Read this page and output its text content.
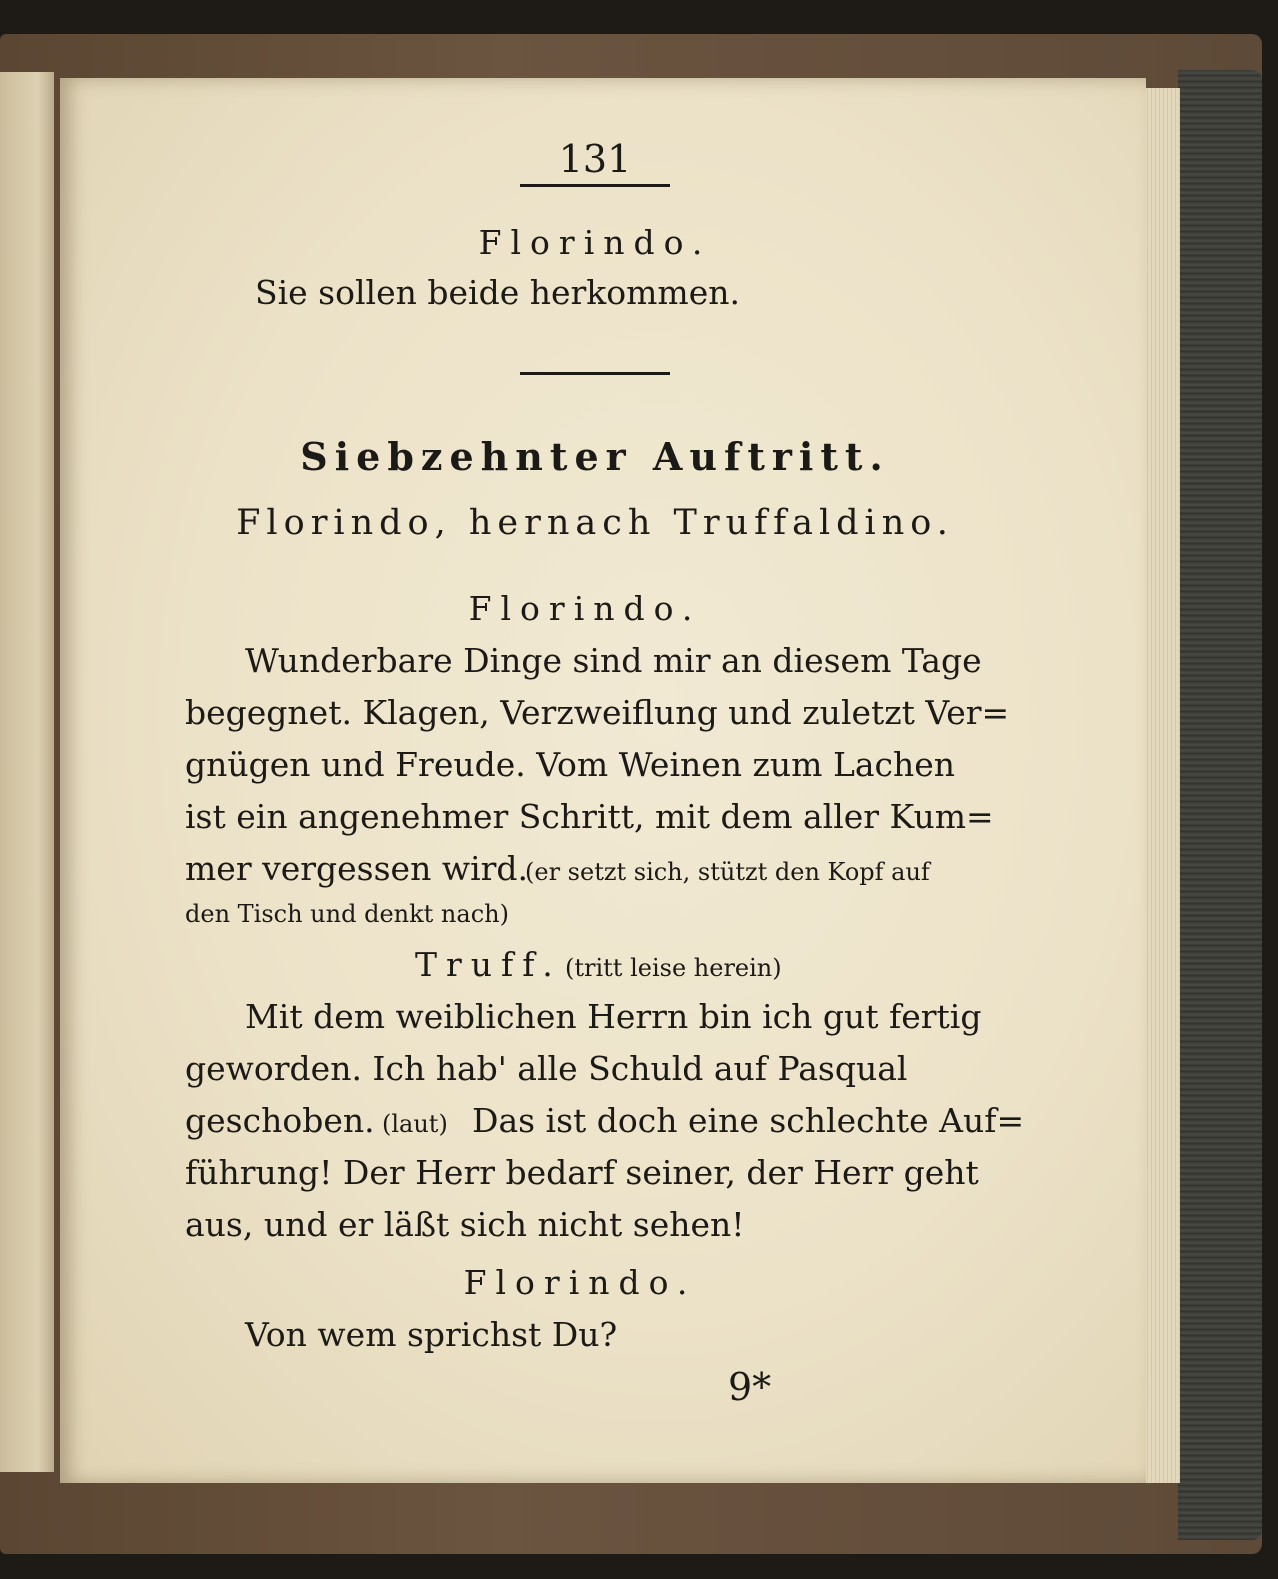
131
Florindo.
Sie sollen beide herkommen.
Siebzehnter Auftritt.
Florindo, hernach Truffaldino.
Florindo.
Wunderbare Dinge sind mir an diesem Tage
begegnet. Klagen, Verzweiflung und zuletzt Ver=
gnügen und Freude. Vom Weinen zum Lachen
ist ein angenehmer Schritt, mit dem aller Kum=
mer vergessen wird.
(er setzt sich, stützt den Kopf auf
den Tisch und denkt nach)
Truff. (tritt leise herein)
Mit dem weiblichen Herrn bin ich gut fertig
geworden. Ich hab' alle Schuld auf Pasqual
geschoben. (laut) Das ist doch eine schlechte Auf=
führung! Der Herr bedarf seiner, der Herr geht
aus, und er läßt sich nicht sehen!
Florindo.
Von wem sprichst Du?
9*
